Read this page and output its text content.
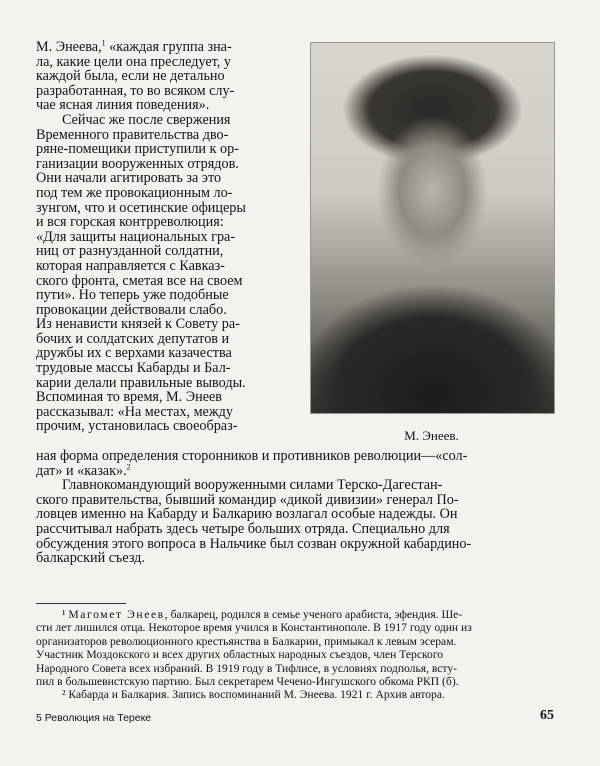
М. Энеева,$^1$ «каждая группа зна-
ла, какие цели она преследует, у
каждой была, если не детально
разработанная, то во всяком слу-
чае ясная линия поведения».
Сейчас же после свержения
Временного правительства дво-
ряне-помещики приступили к ор-
ганизации вооруженных отрядов.
Они начали агитировать за это
под тем же провокационным ло-
зунгом, что и осетинские офицеры
и вся горская контрреволюция:
«Для защиты национальных гра-
ниц от разнузданной солдатни,
которая направляется с Кавказ-
ского фронта, сметая все на своем
пути». Но теперь уже подобные
провокации действовали слабо.
Из ненависти князей к Совету ра-
бочих и солдатских депутатов и
дружбы их с верхами казачества
трудовые массы Кабарды и Бал-
карии делали правильные выводы.
Вспоминая то время, М. Энеев
рассказывал: «На местах, между
прочим, установилась своеобраз-
М. Энеев.
ная форма определения сторонников и противников революции—«сол-
дат» и «казак».$^2$
Главнокомандующий вооруженными силами Терско-Дагестан-
ского правительства, бывший командир «дикой дивизии» генерал По-
ловцев именно на Кабарду и Балкарию возлагал особые надежды. Он
рассчитывал набрать здесь четыре больших отряда. Специально для
обсуждения этого вопроса в Нальчике был созван окружной кабардино-
балкарский съезд.
¹ Магомет Энеев, балкарец, родился в семье ученого арабиста, эфендия. Ше-
сти лет лишился отца. Некоторое время учился в Константинополе. В 1917 году один из
организаторов революционного крестьянства в Балкарии, примыкал к левым эсерам.
Участник Моздокского и всех других областных народных съездов, член Терского
Народного Совета всех избраний. В 1919 году в Тифлисе, в условиях подполья, всту-
пил в большевистскую партию. Был секретарем Чечено-Ингушского обкома РКП (б).
² Кабарда и Балкария. Запись воспоминаний М. Энеева. 1921 г. Архив автора.
5 Революция на Тереке	65
